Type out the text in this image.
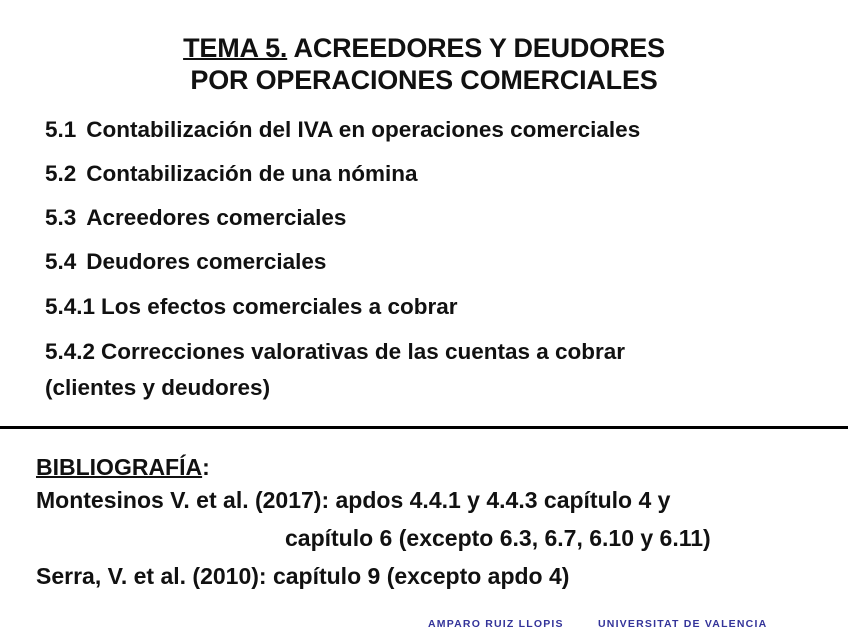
TEMA 5. ACREEDORES Y DEUDORES
POR OPERACIONES COMERCIALES
5.1 Contabilización del IVA en operaciones comerciales
5.2 Contabilización de una nómina
5.3 Acreedores comerciales
5.4 Deudores comerciales
5.4.1 Los efectos comerciales a cobrar
5.4.2 Correcciones valorativas de las cuentas a cobrar
(clientes y deudores)
BIBLIOGRAFÍA:
Montesinos V. et al. (2017): apdos 4.4.1 y 4.4.3 capítulo 4 y
capítulo 6 (excepto 6.3, 6.7, 6.10 y 6.11)
Serra, V. et al. (2010): capítulo 9 (excepto apdo 4)
AMPARO RUIZ LLOPIS	UNIVERSITAT DE VALENCIA
